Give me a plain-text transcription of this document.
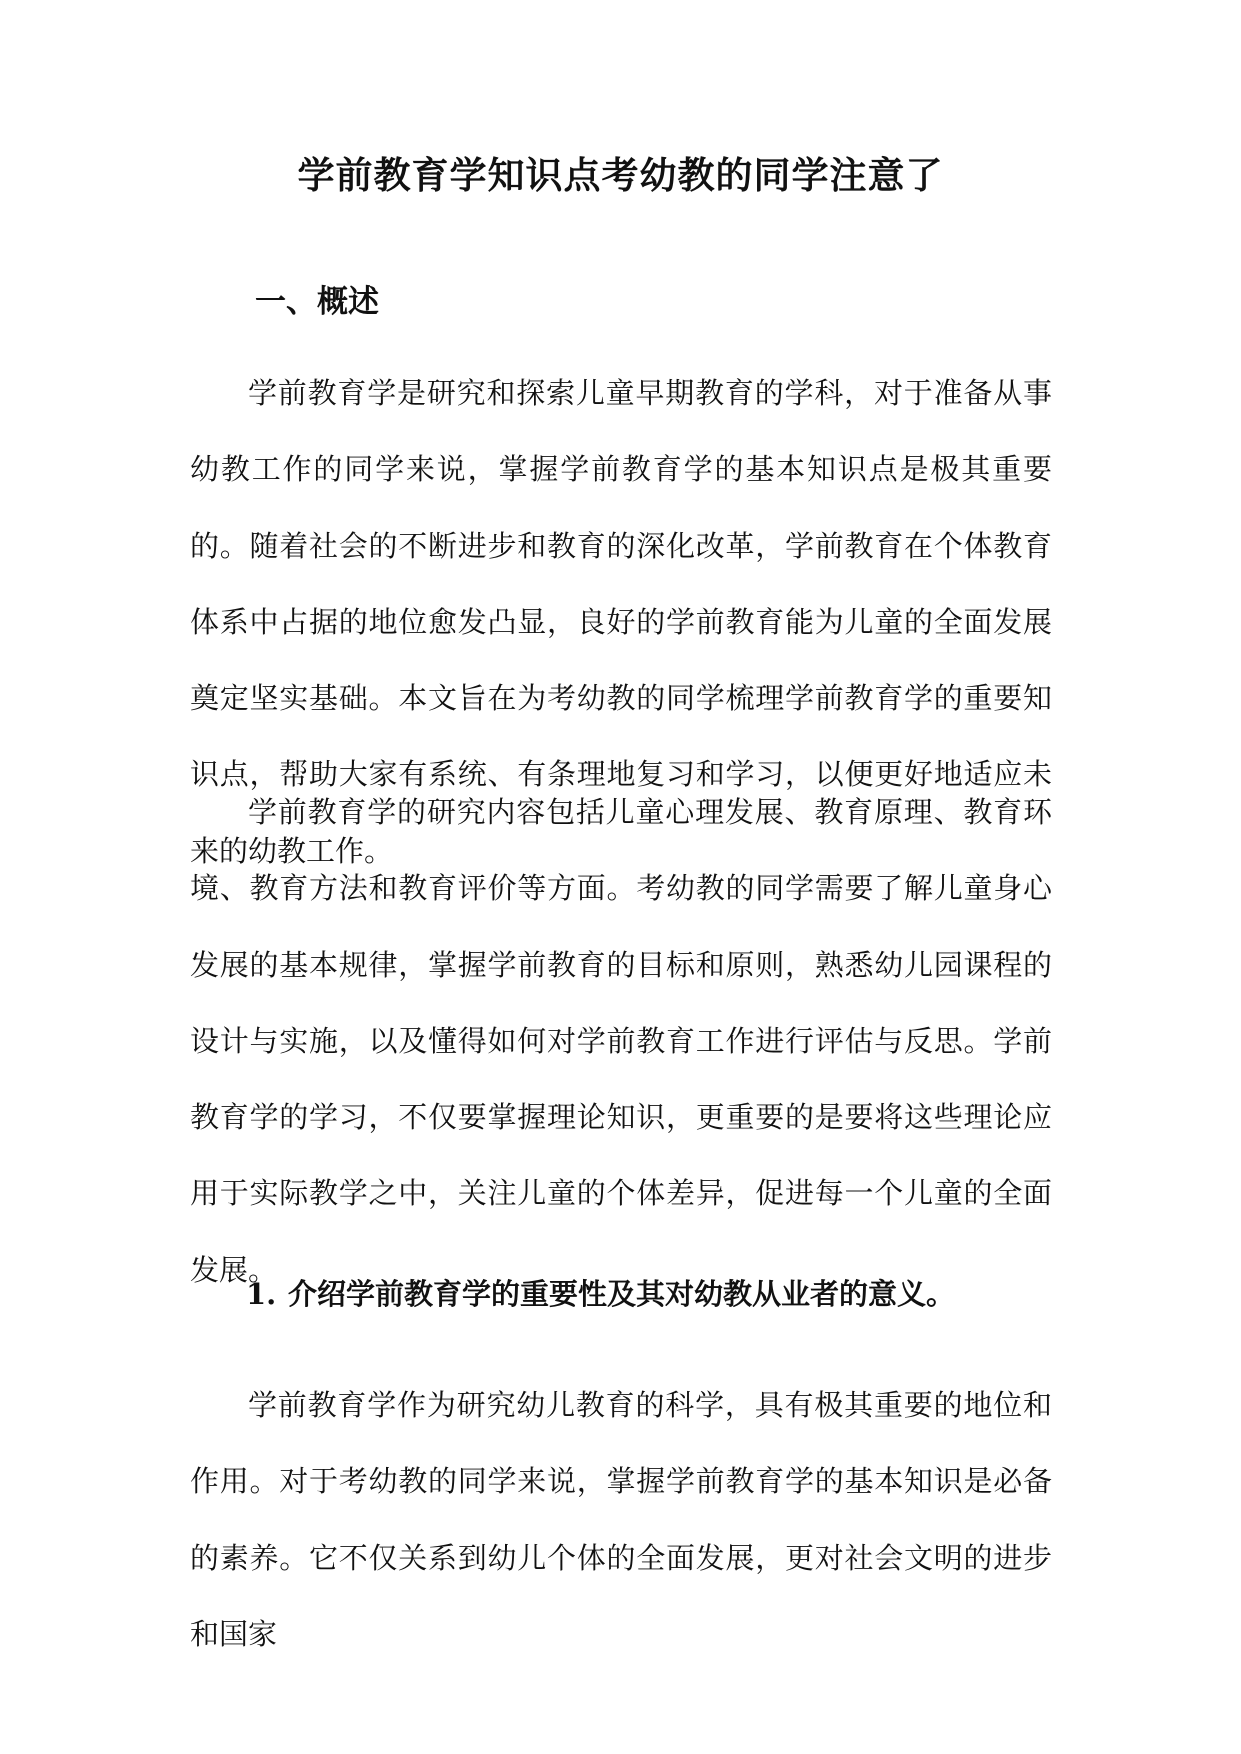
学前教育学知识点考幼教的同学注意了
一、概述

学前教育学是研究和探索儿童早期教育的学科，对于准备从事幼教工作的同学来说，掌握学前教育学的基本知识点是极其重要的。随着社会的不断进步和教育的深化改革，学前教育在个体教育体系中占据的地位愈发凸显，良好的学前教育能为儿童的全面发展奠定坚实基础。本文旨在为考幼教的同学梳理学前教育学的重要知识点，帮助大家有系统、有条理地复习和学习，以便更好地适应未来的幼教工作。

学前教育学的研究内容包括儿童心理发展、教育原理、教育环境、教育方法和教育评价等方面。考幼教的同学需要了解儿童身心发展的基本规律，掌握学前教育的目标和原则，熟悉幼儿园课程的设计与实施，以及懂得如何对学前教育工作进行评估与反思。学前教育学的学习，不仅要掌握理论知识，更重要的是要将这些理论应用于实际教学之中，关注儿童的个体差异，促进每一个儿童的全面发展。

1. 介绍学前教育学的重要性及其对幼教从业者的意义。

学前教育学作为研究幼儿教育的科学，具有极其重要的地位和作用。对于考幼教的同学来说，掌握学前教育学的基本知识是必备的素养。它不仅关系到幼儿个体的全面发展，更对社会文明的进步和国家
